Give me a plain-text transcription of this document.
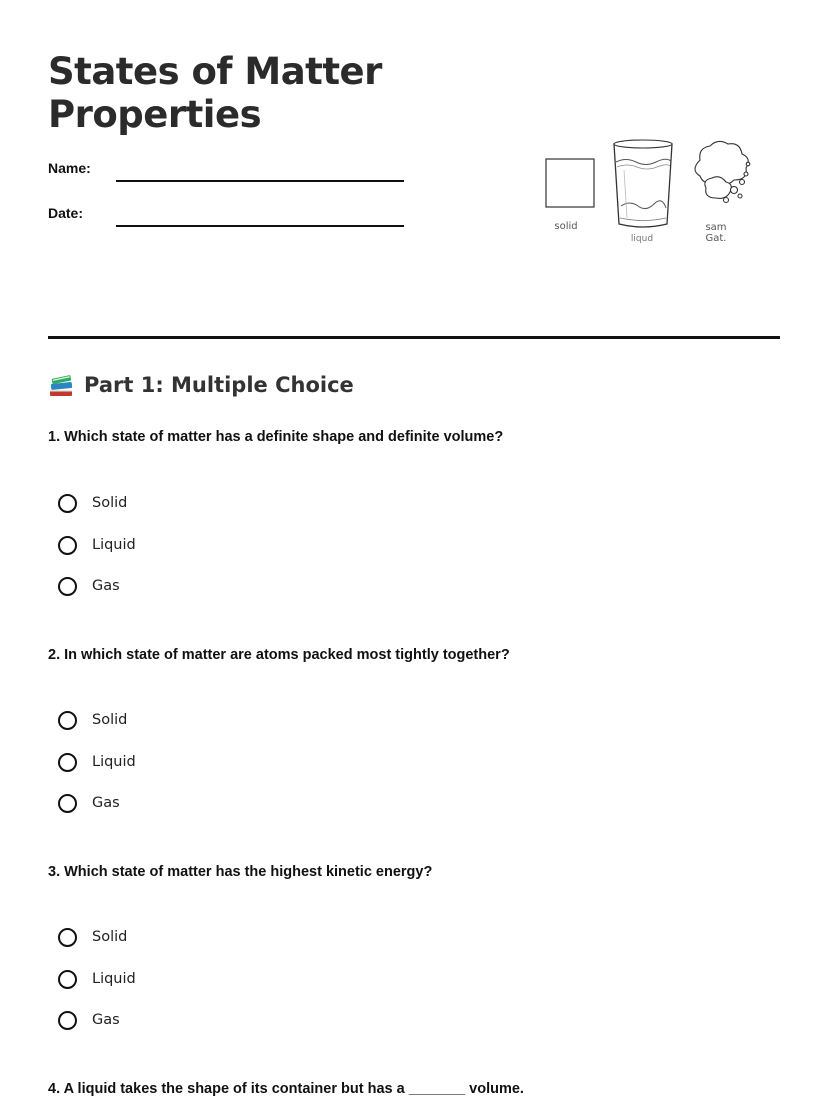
States of Matter
Properties
Name:
Date:
solid
liqud
sam
Gat.
Part 1: Multiple Choice
1. Which state of matter has a definite shape and definite volume?
Solid
Liquid
Gas
2. In which state of matter are atoms packed most tightly together?
Solid
Liquid
Gas
3. Which state of matter has the highest kinetic energy?
Solid
Liquid
Gas
4. A liquid takes the shape of its container but has a _______ volume.
